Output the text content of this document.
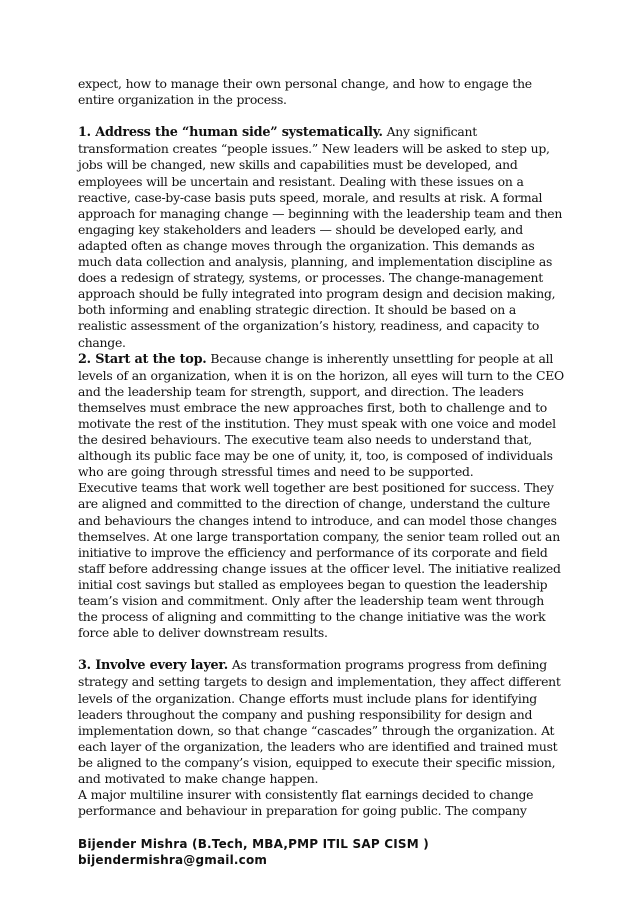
expect, how to manage their own personal change, and how to engage the entire organization in the process.

1. Address the “human side” systematically. Any significant transformation creates “people issues.” New leaders will be asked to step up, jobs will be changed, new skills and capabilities must be developed, and employees will be uncertain and resistant. Dealing with these issues on a reactive, case-by-case basis puts speed, morale, and results at risk. A formal approach for managing change — beginning with the leadership team and then engaging key stakeholders and leaders — should be developed early, and adapted often as change moves through the organization. This demands as much data collection and analysis, planning, and implementation discipline as does a redesign of strategy, systems, or processes. The change-management approach should be fully integrated into program design and decision making, both informing and enabling strategic direction. It should be based on a realistic assessment of the organization’s history, readiness, and capacity to change.

2. Start at the top. Because change is inherently unsettling for people at all levels of an organization, when it is on the horizon, all eyes will turn to the CEO and the leadership team for strength, support, and direction. The leaders themselves must embrace the new approaches first, both to challenge and to motivate the rest of the institution. They must speak with one voice and model the desired behaviours. The executive team also needs to understand that, although its public face may be one of unity, it, too, is composed of individuals who are going through stressful times and need to be supported.

Executive teams that work well together are best positioned for success. They are aligned and committed to the direction of change, understand the culture and behaviours the changes intend to introduce, and can model those changes themselves. At one large transportation company, the senior team rolled out an initiative to improve the efficiency and performance of its corporate and field staff before addressing change issues at the officer level. The initiative realized initial cost savings but stalled as employees began to question the leadership team’s vision and commitment. Only after the leadership team went through the process of aligning and committing to the change initiative was the work force able to deliver downstream results.

3. Involve every layer. As transformation programs progress from defining strategy and setting targets to design and implementation, they affect different levels of the organization. Change efforts must include plans for identifying leaders throughout the company and pushing responsibility for design and implementation down, so that change “cascades” through the organization. At each layer of the organization, the leaders who are identified and trained must be aligned to the company’s vision, equipped to execute their specific mission, and motivated to make change happen.

A major multiline insurer with consistently flat earnings decided to change performance and behaviour in preparation for going public. The company

Bijender Mishra (B.Tech, MBA,PMP ITIL SAP CISM )
bijendermishra@gmail.com
